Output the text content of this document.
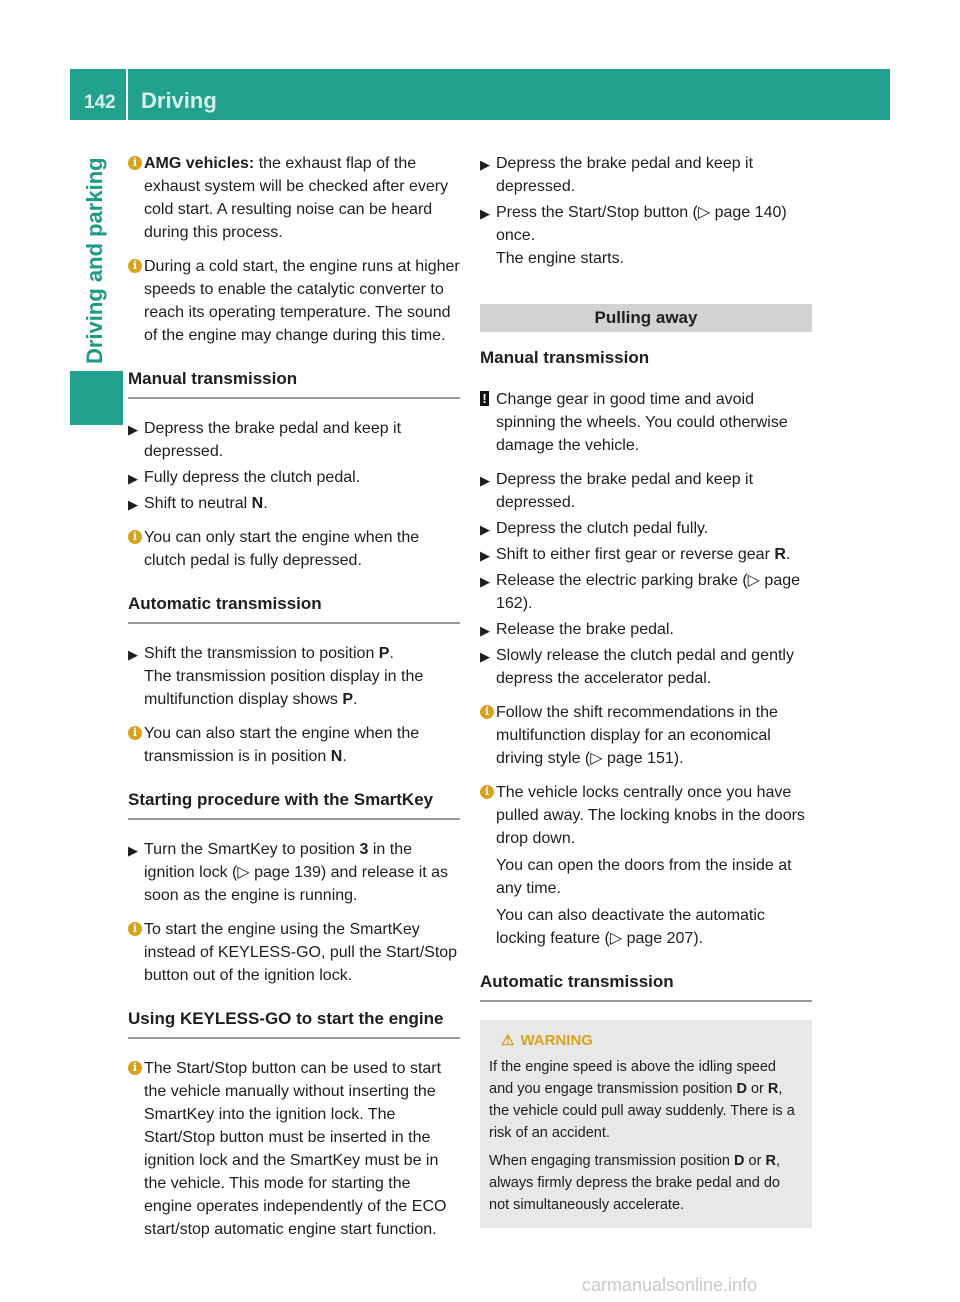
142 Driving
Driving and parking	i AMG vehicles: the exhaust flap of the exhaust system will be checked after every cold start. A resulting noise can be heard during this process.
i During a cold start, the engine runs at higher speeds to enable the catalytic converter to reach its operating temperature. The sound of the engine may change during this time.
Manual transmission
▶ Depress the brake pedal and keep it depressed.
▶ Fully depress the clutch pedal.
▶ Shift to neutral N.
i You can only start the engine when the clutch pedal is fully depressed.
Automatic transmission
▶ Shift the transmission to position P.
The transmission position display in the multifunction display shows P.
i You can also start the engine when the transmission is in position N.
Starting procedure with the SmartKey
▶ Turn the SmartKey to position 3 in the ignition lock (▷ page 139) and release it as soon as the engine is running.
i To start the engine using the SmartKey instead of KEYLESS-GO, pull the Start/Stop button out of the ignition lock.
Using KEYLESS-GO to start the engine
i The Start/Stop button can be used to start the vehicle manually without inserting the SmartKey into the ignition lock. The Start/Stop button must be inserted in the ignition lock and the SmartKey must be in the vehicle. This mode for starting the engine operates independently of the ECO start/stop automatic engine start function.
▶ Depress the brake pedal and keep it depressed.
▶ Press the Start/Stop button (▷ page 140) once.
The engine starts.
Pulling away
Manual transmission
! Change gear in good time and avoid spinning the wheels. You could otherwise damage the vehicle.
▶ Depress the brake pedal and keep it depressed.
▶ Depress the clutch pedal fully.
▶ Shift to either first gear or reverse gear R.
▶ Release the electric parking brake (▷ page 162).
▶ Release the brake pedal.
▶ Slowly release the clutch pedal and gently depress the accelerator pedal.
i Follow the shift recommendations in the multifunction display for an economical driving style (▷ page 151).
i The vehicle locks centrally once you have pulled away. The locking knobs in the doors drop down.
You can open the doors from the inside at any time.
You can also deactivate the automatic locking feature (▷ page 207).
Automatic transmission
⚠ WARNING
If the engine speed is above the idling speed and you engage transmission position D or R, the vehicle could pull away suddenly. There is a risk of an accident.
When engaging transmission position D or R, always firmly depress the brake pedal and do not simultaneously accelerate.
carmanualsonline.info
